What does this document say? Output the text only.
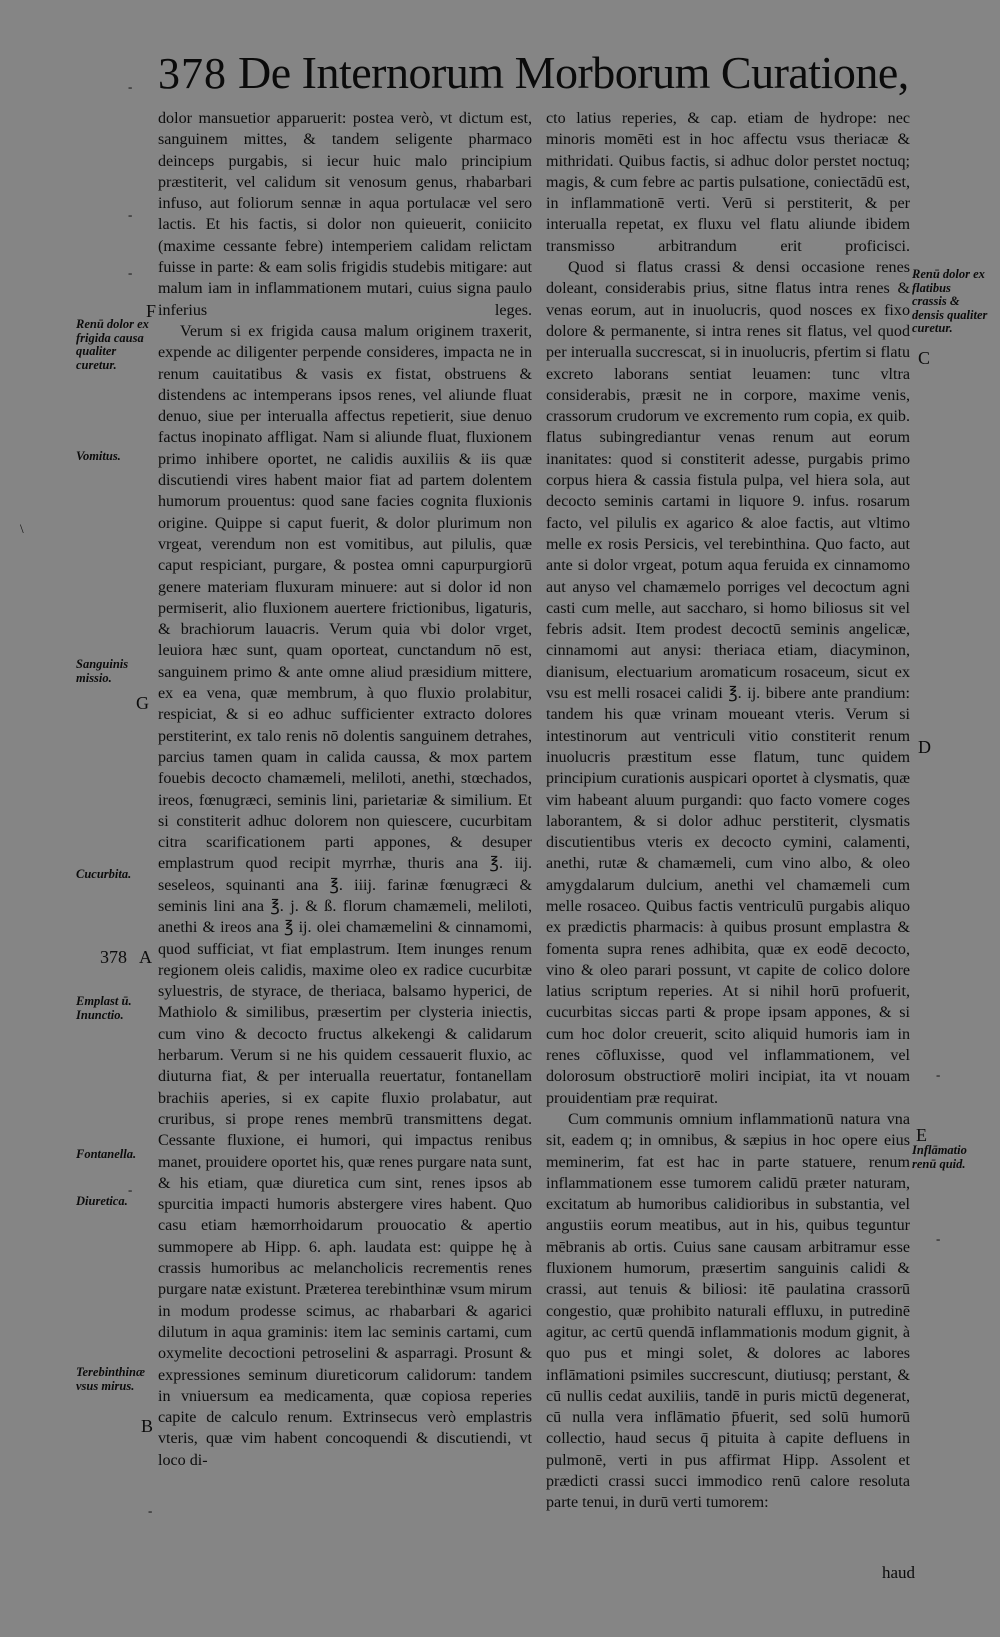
378 De Internorum Morborum Curatione,

dolor mansuetior apparuerit: postea verò, vt dictum est, sanguinem mittes, & tandem seligente pharmaco deinceps purgabis, si iecur huic malo principium præstiterit, vel calidum sit venosum genus, rhabarbari infuso, aut foliorum sennæ in aqua portulacæ vel sero lactis. Et his factis, si dolor non quieuerit, coniicito (maxime cessante febre) intemperiem calidam relictam fuisse in parte: & eam solis frigidis studebis mitigare: aut malum iam in inflammationem mutari, cuius signa paulo inferius leges.

Verum si ex frigida causa malum originem traxerit, expende ac diligenter perpende consideres, impacta ne in renum cauitatibus & vasis ex fistat, obstruens & distendens ac intemperans ipsos renes, vel aliunde fluat denuo, siue per interualla affectus repetierit, siue denuo factus inopinato affligat. Nam si aliunde fluat, fluxionem primo inhibere oportet, ne calidis auxiliis & iis quæ discutiendi vires habent maior fiat ad partem dolentem humorum prouentus: quod sane facies cognita fluxionis origine. Quippe si caput fuerit, & dolor plurimum non vrgeat, verendum non est vomitibus, aut pilulis, quæ caput respiciant, purgare, & postea omni capurpurgiorū genere materiam fluxuram minuere: aut si dolor id non permiserit, alio fluxionem auertere frictionibus, ligaturis, & brachiorum lauacris. Verum quia vbi dolor vrget, leuiora hæc sunt, quam oporteat, cunctandum nō est, sanguinem primo & ante omne aliud præsidium mittere, ex ea vena, quæ membrum, à quo fluxio prolabitur, respiciat, & si eo adhuc sufficienter extracto dolores perstiterint, ex talo renis nō dolentis sanguinem detrahes, parcius tamen quam in calida caussa, & mox partem fouebis decocto chamæmeli, meliloti, anethi, stœchados, ireos, fœnugræci, seminis lini, parietariæ & similium. Et si constiterit adhuc dolorem non quiescere, cucurbitam citra scarificationem parti appones, & desuper emplastrum quod recipit myrrhæ, thuris ana ℥. iij. seseleos, squinanti ana ℥. iiij. farinæ fœnugræci & seminis lini ana ℥. j. & ß. florum chamæmeli, meliloti, anethi & ireos ana ℥ ij. olei chamæmelini & cinnamomi, quod sufficiat, vt fiat emplastrum. Item inunges renum regionem oleis calidis, maxime oleo ex radice cucurbitæ syluestris, de styrace, de theriaca, balsamo hyperici, de Mathiolo & similibus, præsertim per clysteria iniectis, cum vino & decocto fructus alkekengi & calidarum herbarum. Verum si ne his quidem cessauerit fluxio, ac diuturna fiat, & per interualla reuertatur, fontanellam brachiis aperies, si ex capite fluxio prolabatur, aut cruribus, si prope renes membrū transmittens degat. Cessante fluxione, ei humori, qui impactus renibus manet, prouidere oportet his, quæ renes purgare nata sunt, & his etiam, quæ diuretica cum sint, renes ipsos ab spurcitia impacti humoris abstergere vires habent. Quo casu etiam hæmorrhoidarum prouocatio & apertio summopere ab Hipp. 6. aph. laudata est: quippe hę à crassis humoribus ac melancholicis recrementis renes purgare natæ existunt. Præterea terebinthinæ vsum mirum in modum prodesse scimus, ac rhabarbari & agarici dilutum in aqua graminis: item lac seminis cartami, cum oxymelite decoctioni petroselini & asparragi. Prosunt & expressiones seminum diureticorum calidorum: tandem in vniuersum ea medicamenta, quæ copiosa reperies capite de calculo renum. Extrinsecus verò emplastris vteris, quæ vim habent concoquendi & discutiendi, vt loco di-

cto latius reperies, & cap. etiam de hydrope: nec minoris momēti est in hoc affectu vsus theriacæ & mithridati. Quibus factis, si adhuc dolor perstet noctuq; magis, & cum febre ac partis pulsatione, coniectādū est, in inflammationē verti. Verū si perstiterit, & per interualla repetat, ex fluxu vel flatu aliunde ibidem transmisso arbitrandum erit proficisci.

Quod si flatus crassi & densi occasione renes doleant, considerabis prius, sitne flatus intra renes & venas eorum, aut in inuolucris, quod nosces ex fixo dolore & permanente, si intra renes sit flatus, vel quod per interualla succrescat, si in inuolucris, pfertim si flatu excreto laborans sentiat leuamen: tunc vltra considerabis, præsit ne in corpore, maxime venis, crassorum crudorum ve excremento rum copia, ex quib. flatus subingrediantur venas renum aut eorum inanitates: quod si constiterit adesse, purgabis primo corpus hiera & cassia fistula pulpa, vel hiera sola, aut decocto seminis cartami in liquore 9. infus. rosarum facto, vel pilulis ex agarico & aloe factis, aut vltimo melle ex rosis Persicis, vel terebinthina. Quo facto, aut ante si dolor vrgeat, potum aqua feruida ex cinnamomo aut anyso vel chamæmelo porriges vel decoctum agni casti cum melle, aut saccharo, si homo biliosus sit vel febris adsit. Item prodest decoctū seminis angelicæ, cinnamomi aut anysi: theriaca etiam, diacyminon, dianisum, electuarium aromaticum rosaceum, sicut ex vsu est melli rosacei calidi ℥. ij. bibere ante prandium: tandem his quæ vrinam moueant vteris. Verum si intestinorum aut ventriculi vitio constiterit renum inuolucris præstitum esse flatum, tunc quidem principium curationis auspicari oportet à clysmatis, quæ vim habeant aluum purgandi: quo facto vomere coges laborantem, & si dolor adhuc perstiterit, clysmatis discutientibus vteris ex decocto cymini, calamenti, anethi, rutæ & chamæmeli, cum vino albo, & oleo amygdalarum dulcium, anethi vel chamæmeli cum melle rosaceo. Quibus factis ventriculū purgabis aliquo ex prædictis pharmacis: à quibus prosunt emplastra & fomenta supra renes adhibita, quæ ex eodē decocto, vino & oleo parari possunt, vt capite de colico dolore latius scriptum reperies. At si nihil horū profuerit, cucurbitas siccas parti & prope ipsam appones, & si cum hoc dolor creuerit, scito aliquid humoris iam in renes cōfluxisse, quod vel inflammationem, vel dolorosum obstructiorē moliri incipiat, ita vt nouam prouidentiam præ requirat.

Cum communis omnium inflammationū natura vna sit, eadem q; in omnibus, & sæpius in hoc opere eius meminerim, fat est hac in parte statuere, renum inflammationem esse tumorem calidū præter naturam, excitatum ab humoribus calidioribus in substantia, vel angustiis eorum meatibus, aut in his, quibus teguntur mēbranis ab ortis. Cuius sane causam arbitramur esse fluxionem humorum, præsertim sanguinis calidi & crassi, aut tenuis & biliosi: itē paulatina crassorū congestio, quæ prohibito naturali effluxu, in putredinē agitur, ac certū quendā inflammationis modum gignit, à quo pus et mingi solet, & dolores ac labores inflāmationi psimiles succrescunt, diutiusq; perstant, & cū nullis cedat auxiliis, tandē in puris mictū degenerat, cū nulla vera inflāmatio p̄fuerit, sed solū humorū collectio, haud secus q̄ pituita à capite defluens in pulmonē, verti in pus affirmat Hipp. Assolent et prædicti crassi succi immodico renū calore resoluta parte tenui, in durū verti tumorem:

haud
Renū dolor ex frigida causa qualiter curetur.
Vomitus.
Sanguinis missio.
Cucurbita.
Emplast ū. Inunctio.
Fontanella.
Diuretica.
Terebinthinæ vsus mirus.
Renū dolor ex flatibus crassis & densis qualiter curetur.
Inflāmatio renū quid.
F
G
378 A
B
C
D
E
-
-
-
\
-
-
-
-
